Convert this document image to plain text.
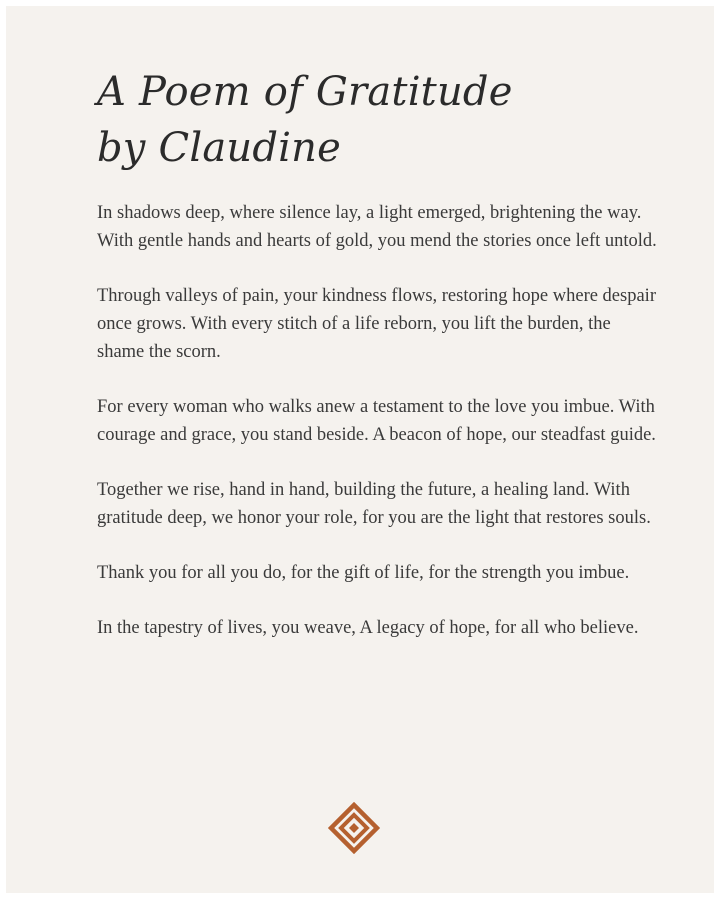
A Poem of Gratitude
by Claudine

In shadows deep, where silence lay, a light emerged, brightening the way. With gentle hands and hearts of gold, you mend the stories once left untold.

Through valleys of pain, your kindness flows, restoring hope where despair once grows. With every stitch of a life reborn, you lift the burden, the shame the scorn.

For every woman who walks anew a testament to the love you imbue. With courage and grace, you stand beside. A beacon of hope, our steadfast guide.

Together we rise, hand in hand, building the future, a healing land. With gratitude deep, we honor your role, for you are the light that restores souls.

Thank you for all you do, for the gift of life, for the strength you imbue.

In the tapestry of lives, you weave, A legacy of hope, for all who believe.
